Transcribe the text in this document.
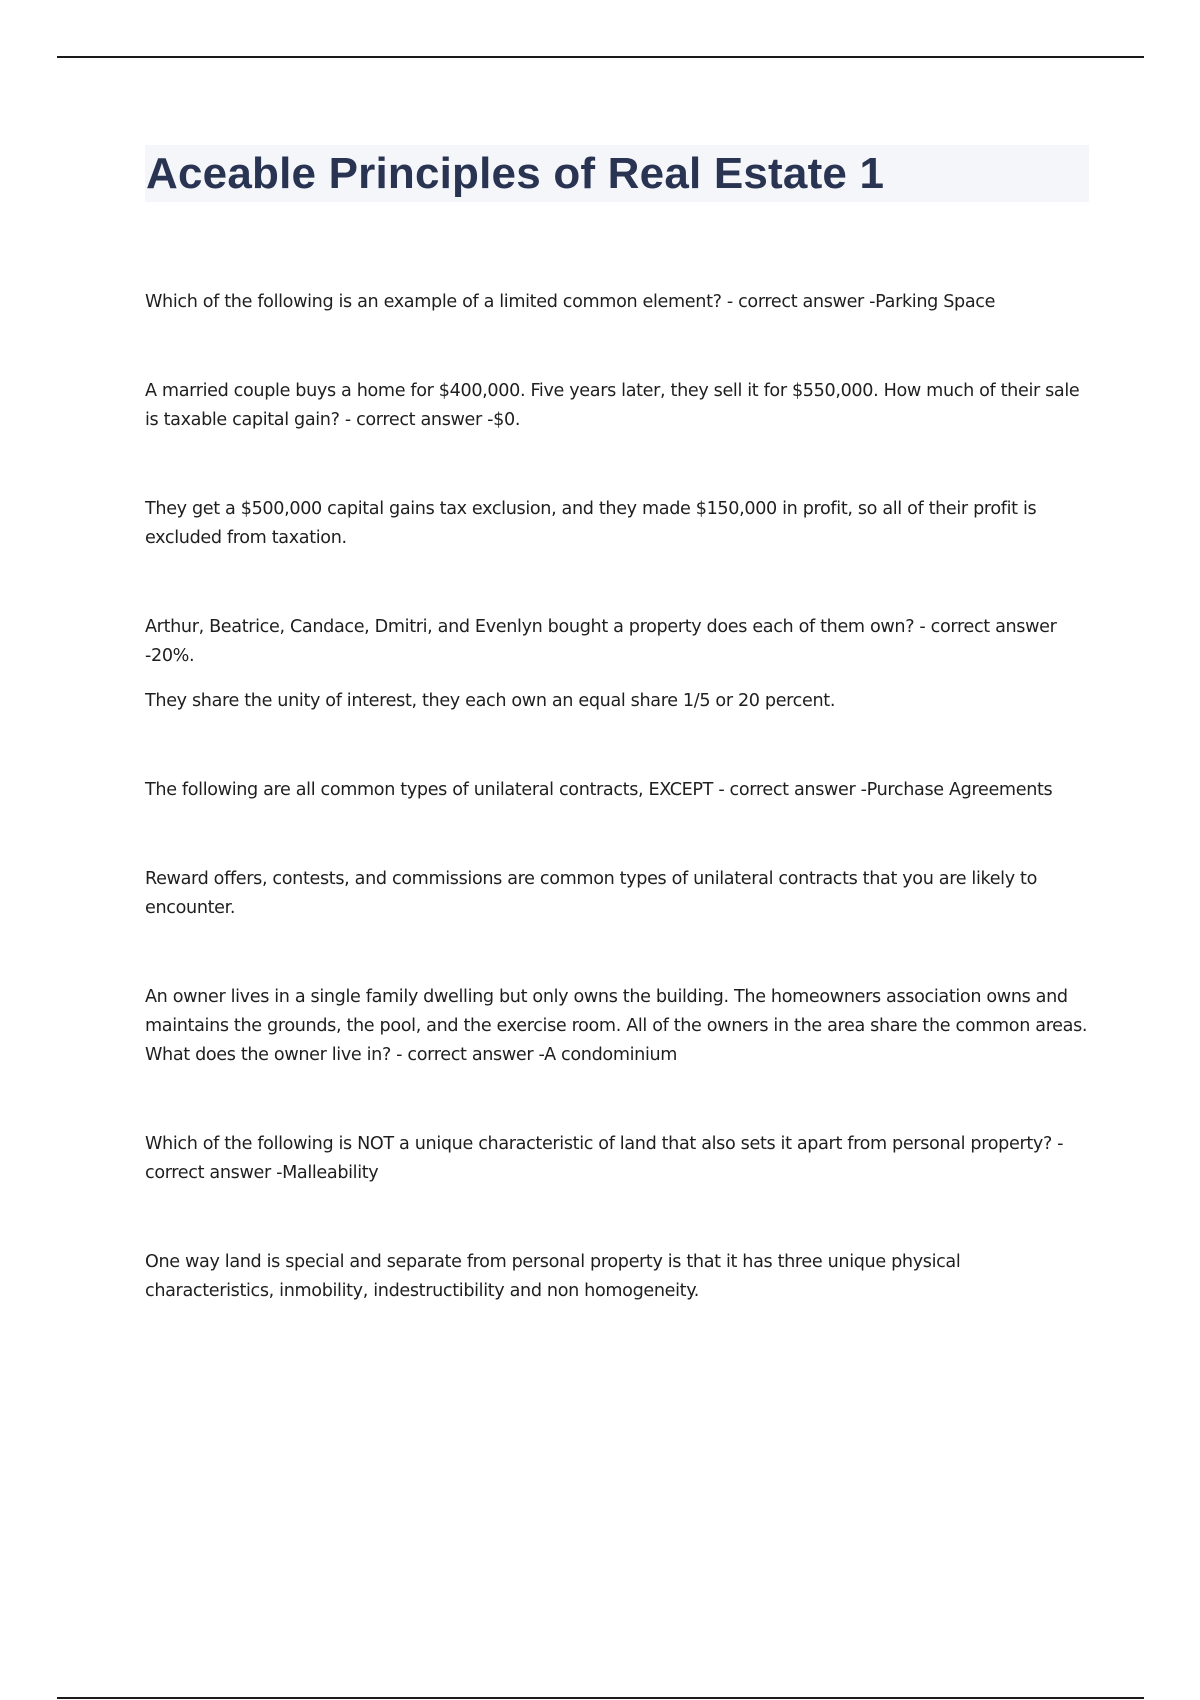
Aceable Principles of Real Estate 1

Which of the following is an example of a limited common element? - correct answer -Parking Space

A married couple buys a home for $400,000. Five years later, they sell it for $550,000. How much of their sale is taxable capital gain? - correct answer -$0.

They get a $500,000 capital gains tax exclusion, and they made $150,000 in profit, so all of their profit is excluded from taxation.

Arthur, Beatrice, Candace, Dmitri, and Evenlyn bought a property does each of them own? - correct answer -20%.

They share the unity of interest, they each own an equal share 1/5 or 20 percent.

The following are all common types of unilateral contracts, EXCEPT - correct answer -Purchase Agreements

Reward offers, contests, and commissions are common types of unilateral contracts that you are likely to encounter.

An owner lives in a single family dwelling but only owns the building. The homeowners association owns and maintains the grounds, the pool, and the exercise room. All of the owners in the area share the common areas. What does the owner live in? - correct answer -A condominium

Which of the following is NOT a unique characteristic of land that also sets it apart from personal property? - correct answer -Malleability

One way land is special and separate from personal property is that it has three unique physical characteristics, inmobility, indestructibility and non homogeneity.
